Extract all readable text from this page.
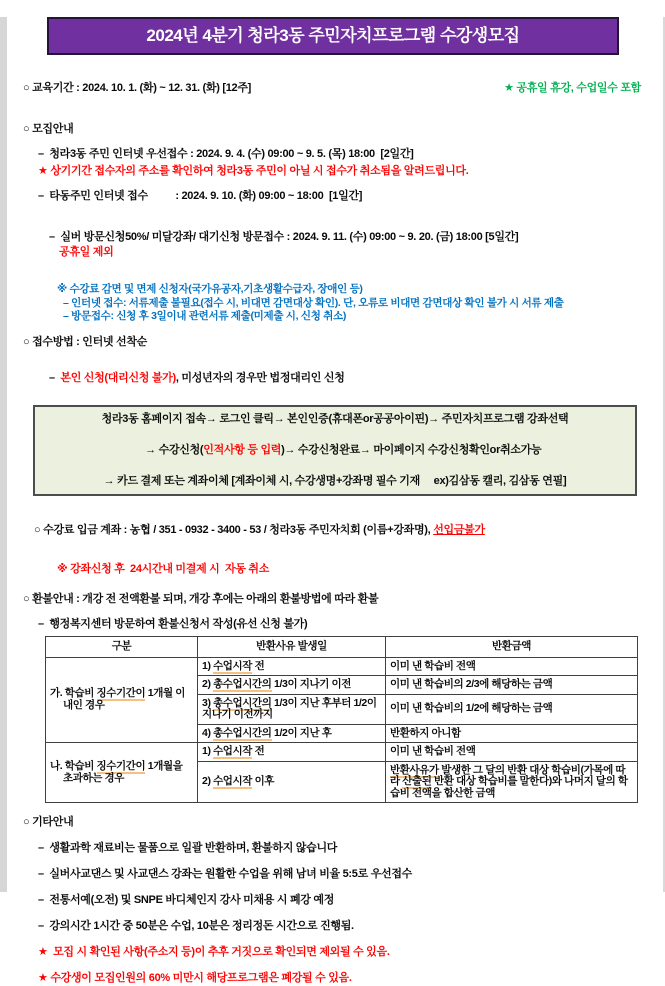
2024년 4분기 청라3동 주민자치프로그램 수강생모집
○ 교육기간 : 2024. 10. 1. (화) ~ 12. 31. (화) [12주]	★ 공휴일 휴강, 수업일수 포함
○ 모집안내
–  청라3동 주민 인터넷 우선접수 : 2024. 9. 4. (수) 09:00 ~ 9. 5. (목) 18:00  [2일간]
★ 상기기간 접수자의 주소를 확인하여 청라3동 주민이 아닐 시 접수가 취소됨을 알려드립니다.
–  타동주민 인터넷 접수          : 2024. 9. 10. (화) 09:00 ~ 18:00  [1일간]

–  실버 방문신청50%/ 미달강좌/ 대기신청 방문접수 : 2024. 9. 11. (수) 09:00 ~ 9. 20. (금) 18:00 [5일간]
공휴일 제외

※ 수강료 감면 및 면제 신청자(국가유공자,기초생활수급자, 장애인 등)
– 인터넷 접수: 서류제출 불필요(접수 시, 비대면 감면대상 확인). 단, 오류로 비대면 감면대상 확인 불가 시 서류 제출
– 방문접수: 신청 후 3일이내 관련서류 제출(미제출 시, 신청 취소)
○ 접수방법 : 인터넷 선착순

–  본인 신청(대리신청 불가), 미성년자의 경우만 법정대리인 신청

청라3동 홈페이지 접속→ 로그인 클릭→ 본인인증(휴대폰or공공아이핀)→ 주민자치프로그램 강좌선택

→ 수강신청(인적사항 등 입력)→ 수강신청완료→ 마이페이지 수강신청확인or취소가능

→ 카드 결제 또는 계좌이체 [계좌이체 시, 수강생명+강좌명 필수 기재     ex)김삼동 캘리, 김삼동 연필]

○ 수강료 입금 계좌 : 농협 / 351 - 0932 - 3400 - 53 / 청라3동 주민자치회 (이름+강좌명), 선입금불가

※ 강좌신청 후  24시간내 미결제 시  자동 취소
○ 환불안내 : 개강 전 전액환불 되며, 개강 후에는 아래의 환불방법에 따라 환불
–  행정복지센터 방문하여 환불신청서 작성(유선 신청 불가)
구분	반환사유 발생일	반환금액
가. 학습비 징수기간이 1개월 이내인 경우	1) 수업시작 전	이미 낸 학습비 전액
	2) 총수업시간의 1/3이 지나기 이전	이미 낸 학습비의 2/3에 해당하는 금액
	3) 총수업시간의 1/3이 지난 후부터 1/2이 지나기 이전까지	이미 낸 학습비의 1/2에 해당하는 금액
	4) 총수업시간의 1/2이 지난 후	반환하지 아니함
나. 학습비 징수기간이 1개월을 초과하는 경우	1) 수업시작 전	이미 낸 학습비 전액
	2) 수업시작 이후	반환사유가 발생한 그 달의 반환 대상 학습비(가목에 따라 산출된 반환 대상 학습비를 말한다)와 나머지 달의 학습비 전액을 합산한 금액
○ 기타안내
–  생활과학 재료비는 물품으로 일괄 반환하며, 환불하지 않습니다
–  실버사교댄스 및 사교댄스 강좌는 원활한 수업을 위해 남녀 비율 5:5로 우선접수
–  전통서예(오전) 및 SNPE 바디체인지 강사 미채용 시 폐강 예정
–  강의시간 1시간 중 50분은 수업, 10분은 정리정돈 시간으로 진행됨.
★  모집 시 확인된 사항(주소지 등)이 추후 거짓으로 확인되면 제외될 수 있음.
★ 수강생이 모집인원의 60% 미만시 해당프로그램은 폐강될 수 있음.
